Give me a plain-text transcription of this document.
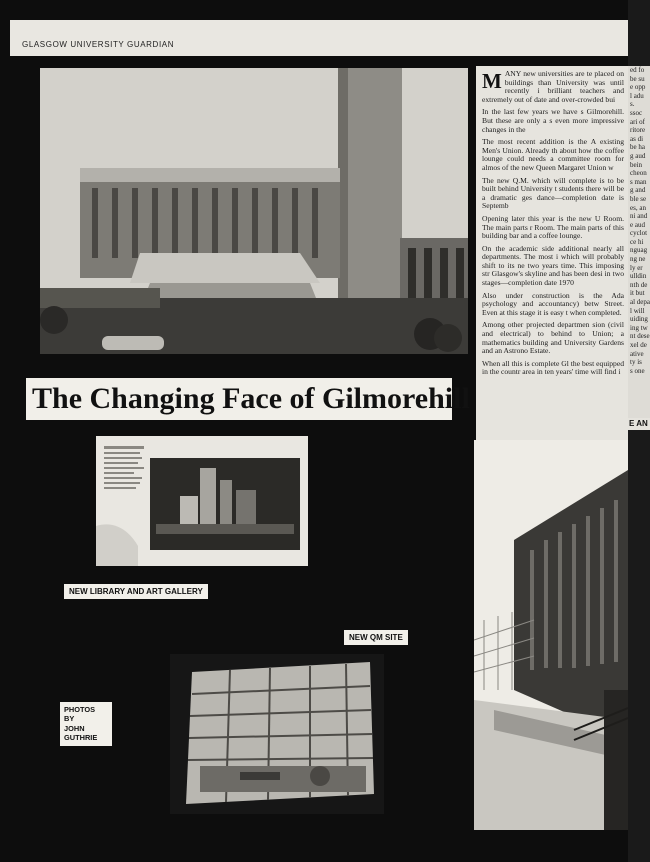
GLASGOW UNIVERSITY GUARDIAN

MANY new universities are te placed on buildings than University was until recently i brilliant teachers and extremely out of date and over-crowded bui

In the last few years we have s Gilmorehill. But these are only a s even more impressive changes in the

The most recent addition is the A existing Men's Union. Already th about how the coffee lounge could needs a committee room for almos of the new Queen Margaret Union w

The new Q.M. which will complete is to be built behind University t students there will be a dramatic ges dance—completion date is Septemb

Opening later this year is the new U Room. The main parts r Room. The main parts of this building bar and a coffee lounge.

On the academic side additional nearly all departments. The most i which will probably shift to its ne two years time. This imposing str Glasgow's skyline and has been desi in two stages—completion date 1970

Also under construction is the Ada psychology and accountancy) betw Street. Even at this stage it is easy t when completed.

Among other projected departmen sion (civil and electrical) to behind to Union; a mathematics building and University Gardens and an Astrono Estate.

When all this is complete Gl the best equipped in the countr area in ten years' time will find i

ed fo

be su

e opp

l adu

s.

ssoc

ari of

ritore

as di

be ha

g aud

bein

cheon

s man

g and

ble se

es, an

ni and

e aud

cyclot

ce hi

nguag

ng ne

ly er

ulldin

nth de

it but

al depa

l will

uiding

ing tw

nt dese

xel de

ative

ty is

s one

E AN
The Changing Face of Gilmorehill
NEW LIBRARY AND ART GALLERY
NEW QM SITE
PHOTOS
BY
JOHN
GUTHRIE
